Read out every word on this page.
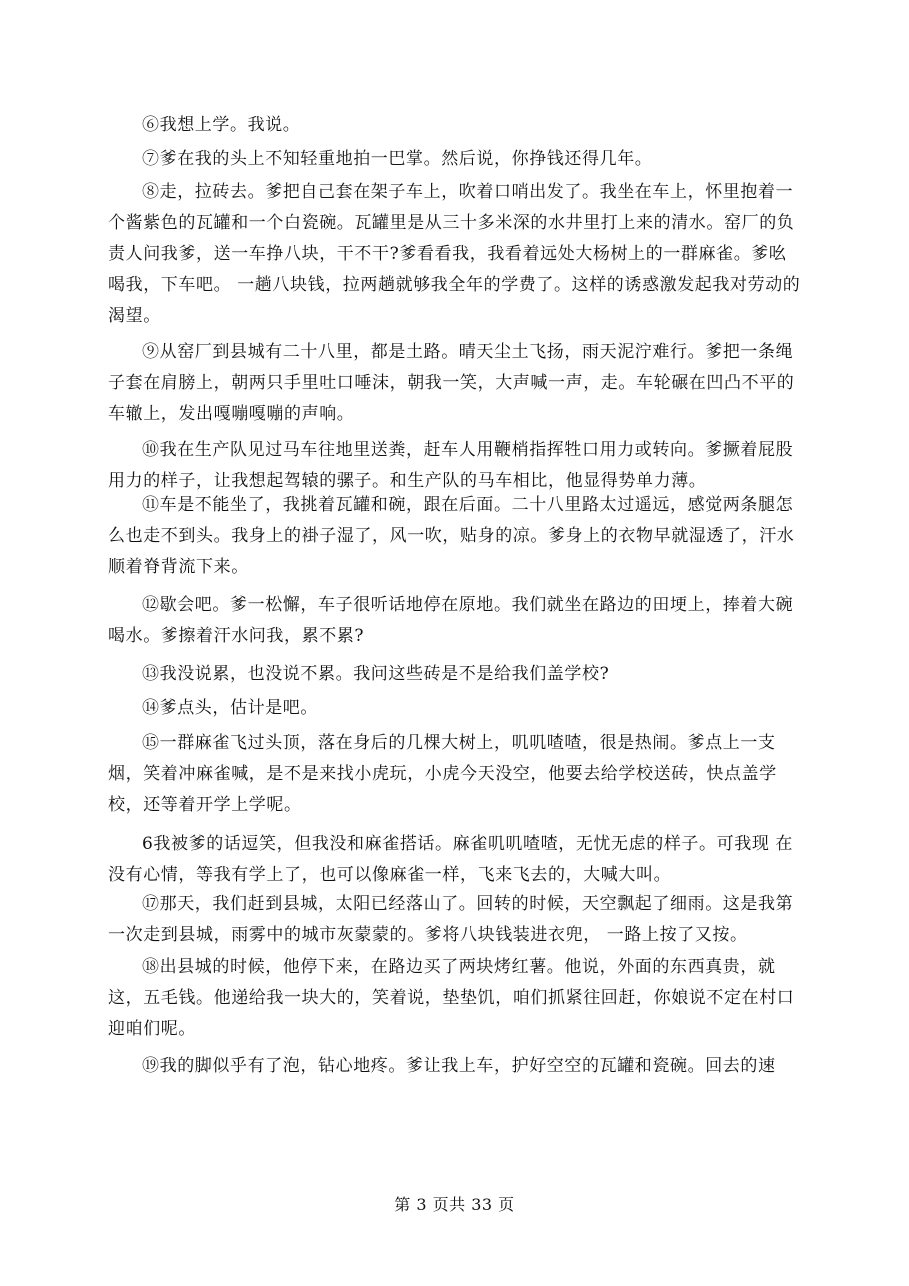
⑥我想上学。我说。

⑦爹在我的头上不知轻重地拍一巴掌。然后说，你挣钱还得几年。

⑧走，拉砖去。爹把自己套在架子车上，吹着口哨出发了。我坐在车上，怀里抱着一个酱紫色的瓦罐和一个白瓷碗。瓦罐里是从三十多米深的水井里打上来的清水。窑厂的负责人问我爹，送一车挣八块，干不干?爹看看我，我看着远处大杨树上的一群麻雀。爹吆喝我，下车吧。 一趟八块钱，拉两趟就够我全年的学费了。这样的诱惑激发起我对劳动的渴望。

⑨从窑厂到县城有二十八里，都是土路。晴天尘土飞扬，雨天泥泞难行。爹把一条绳子套在肩膀上，朝两只手里吐口唾沫，朝我一笑，大声喊一声，走。车轮碾在凹凸不平的车辙上，发出嘎嘣嘎嘣的声响。

⑩我在生产队见过马车往地里送粪，赶车人用鞭梢指挥牲口用力或转向。爹撅着屁股用力的样子，让我想起驾辕的骡子。和生产队的马车相比，他显得势单力薄。

⑪车是不能坐了，我挑着瓦罐和碗，跟在后面。二十八里路太过遥远，感觉两条腿怎么也走不到头。我身上的褂子湿了，风一吹，贴身的凉。爹身上的衣物早就湿透了，汗水顺着脊背流下来。

⑫歇会吧。爹一松懈，车子很听话地停在原地。我们就坐在路边的田埂上，捧着大碗喝水。爹擦着汗水问我，累不累?

⑬我没说累，也没说不累。我问这些砖是不是给我们盖学校?

⑭爹点头，估计是吧。

⑮一群麻雀飞过头顶，落在身后的几棵大树上，叽叽喳喳，很是热闹。爹点上一支烟，笑着冲麻雀喊，是不是来找小虎玩，小虎今天没空，他要去给学校送砖，快点盖学校，还等着开学上学呢。

6我被爹的话逗笑，但我没和麻雀搭话。麻雀叽叽喳喳，无忧无虑的样子。可我现 在没有心情，等我有学上了，也可以像麻雀一样，飞来飞去的，大喊大叫。

⑰那天，我们赶到县城，太阳已经落山了。回转的时候，天空飘起了细雨。这是我第一次走到县城，雨雾中的城市灰蒙蒙的。爹将八块钱装进衣兜， 一路上按了又按。

⑱出县城的时候，他停下来，在路边买了两块烤红薯。他说，外面的东西真贵，就这，五毛钱。他递给我一块大的，笑着说，垫垫饥，咱们抓紧往回赶，你娘说不定在村口迎咱们呢。

⑲我的脚似乎有了泡，钻心地疼。爹让我上车，护好空空的瓦罐和瓷碗。回去的速

第 3 页共 33 页
